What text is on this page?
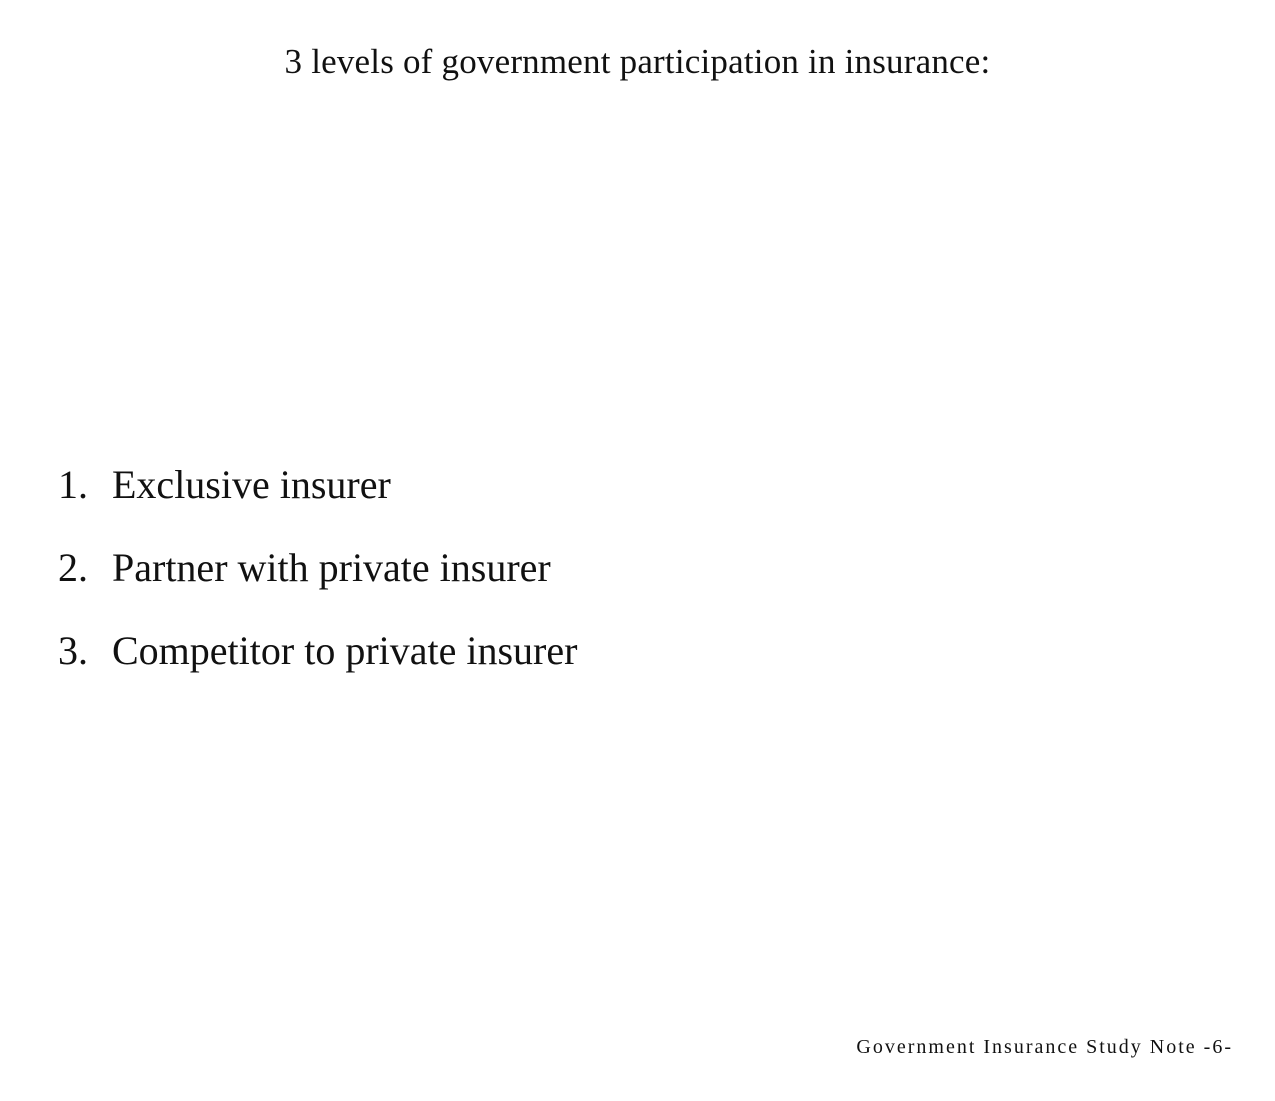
3 levels of government participation in insurance:
1. Exclusive insurer
2. Partner with private insurer
3. Competitor to private insurer
Government Insurance Study Note -6-
